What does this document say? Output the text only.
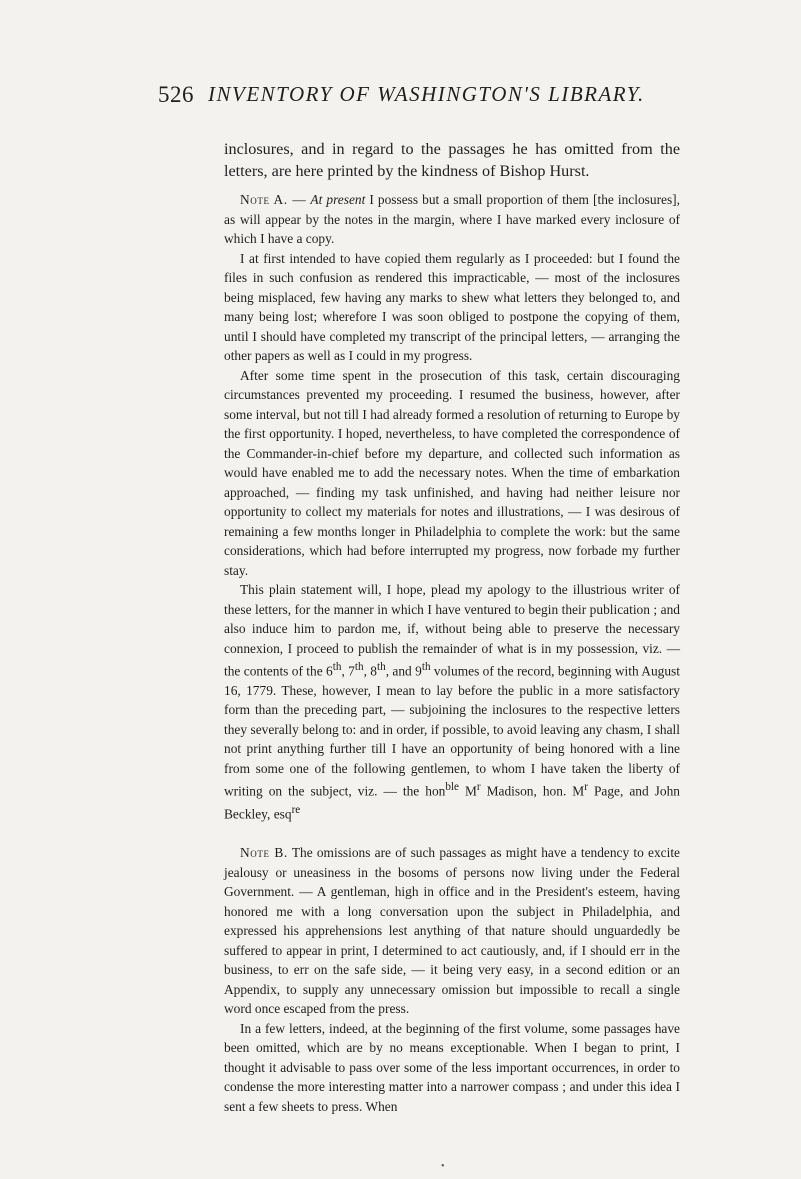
526 INVENTORY OF WASHINGTON'S LIBRARY.

inclosures, and in regard to the passages he has omitted from the letters, are here printed by the kindness of Bishop Hurst.

Note A. — At present I possess but a small proportion of them [the inclosures], as will appear by the notes in the margin, where I have marked every inclosure of which I have a copy.

I at first intended to have copied them regularly as I proceeded: but I found the files in such confusion as rendered this impracticable, — most of the inclosures being misplaced, few having any marks to shew what letters they belonged to, and many being lost; wherefore I was soon obliged to postpone the copying of them, until I should have completed my transcript of the principal letters, — arranging the other papers as well as I could in my progress.

After some time spent in the prosecution of this task, certain discouraging circumstances prevented my proceeding. I resumed the business, however, after some interval, but not till I had already formed a resolution of returning to Europe by the first opportunity. I hoped, nevertheless, to have completed the correspondence of the Commander-in-chief before my departure, and collected such information as would have enabled me to add the necessary notes. When the time of embarkation approached, — finding my task unfinished, and having had neither leisure nor opportunity to collect my materials for notes and illustrations, — I was desirous of remaining a few months longer in Philadelphia to complete the work: but the same considerations, which had before interrupted my progress, now forbade my further stay.

This plain statement will, I hope, plead my apology to the illustrious writer of these letters, for the manner in which I have ventured to begin their publication ; and also induce him to pardon me, if, without being able to preserve the necessary connexion, I proceed to publish the remainder of what is in my possession, viz. — the contents of the 6th, 7th, 8th, and 9th volumes of the record, beginning with August 16, 1779. These, however, I mean to lay before the public in a more satisfactory form than the preceding part, — subjoining the inclosures to the respective letters they severally belong to: and in order, if possible, to avoid leaving any chasm, I shall not print anything further till I have an opportunity of being honored with a line from some one of the following gentlemen, to whom I have taken the liberty of writing on the subject, viz. — the hon$^{ble}$ $M^r$ Madison, hon. $M^r$ Page, and John Beckley, esq$^{re}$

Note B. The omissions are of such passages as might have a tendency to excite jealousy or uneasiness in the bosoms of persons now living under the Federal Government. — A gentleman, high in office and in the President's esteem, having honored me with a long conversation upon the subject in Philadelphia, and expressed his apprehensions lest anything of that nature should unguardedly be suffered to appear in print, I determined to act cautiously, and, if I should err in the business, to err on the safe side, — it being very easy, in a second edition or an Appendix, to supply any unnecessary omission but impossible to recall a single word once escaped from the press.

In a few letters, indeed, at the beginning of the first volume, some passages have been omitted, which are by no means exceptionable. When I began to print, I thought it advisable to pass over some of the less important occurrences, in order to condense the more interesting matter into a narrower compass ; and under this idea I sent a few sheets to press. When

•
